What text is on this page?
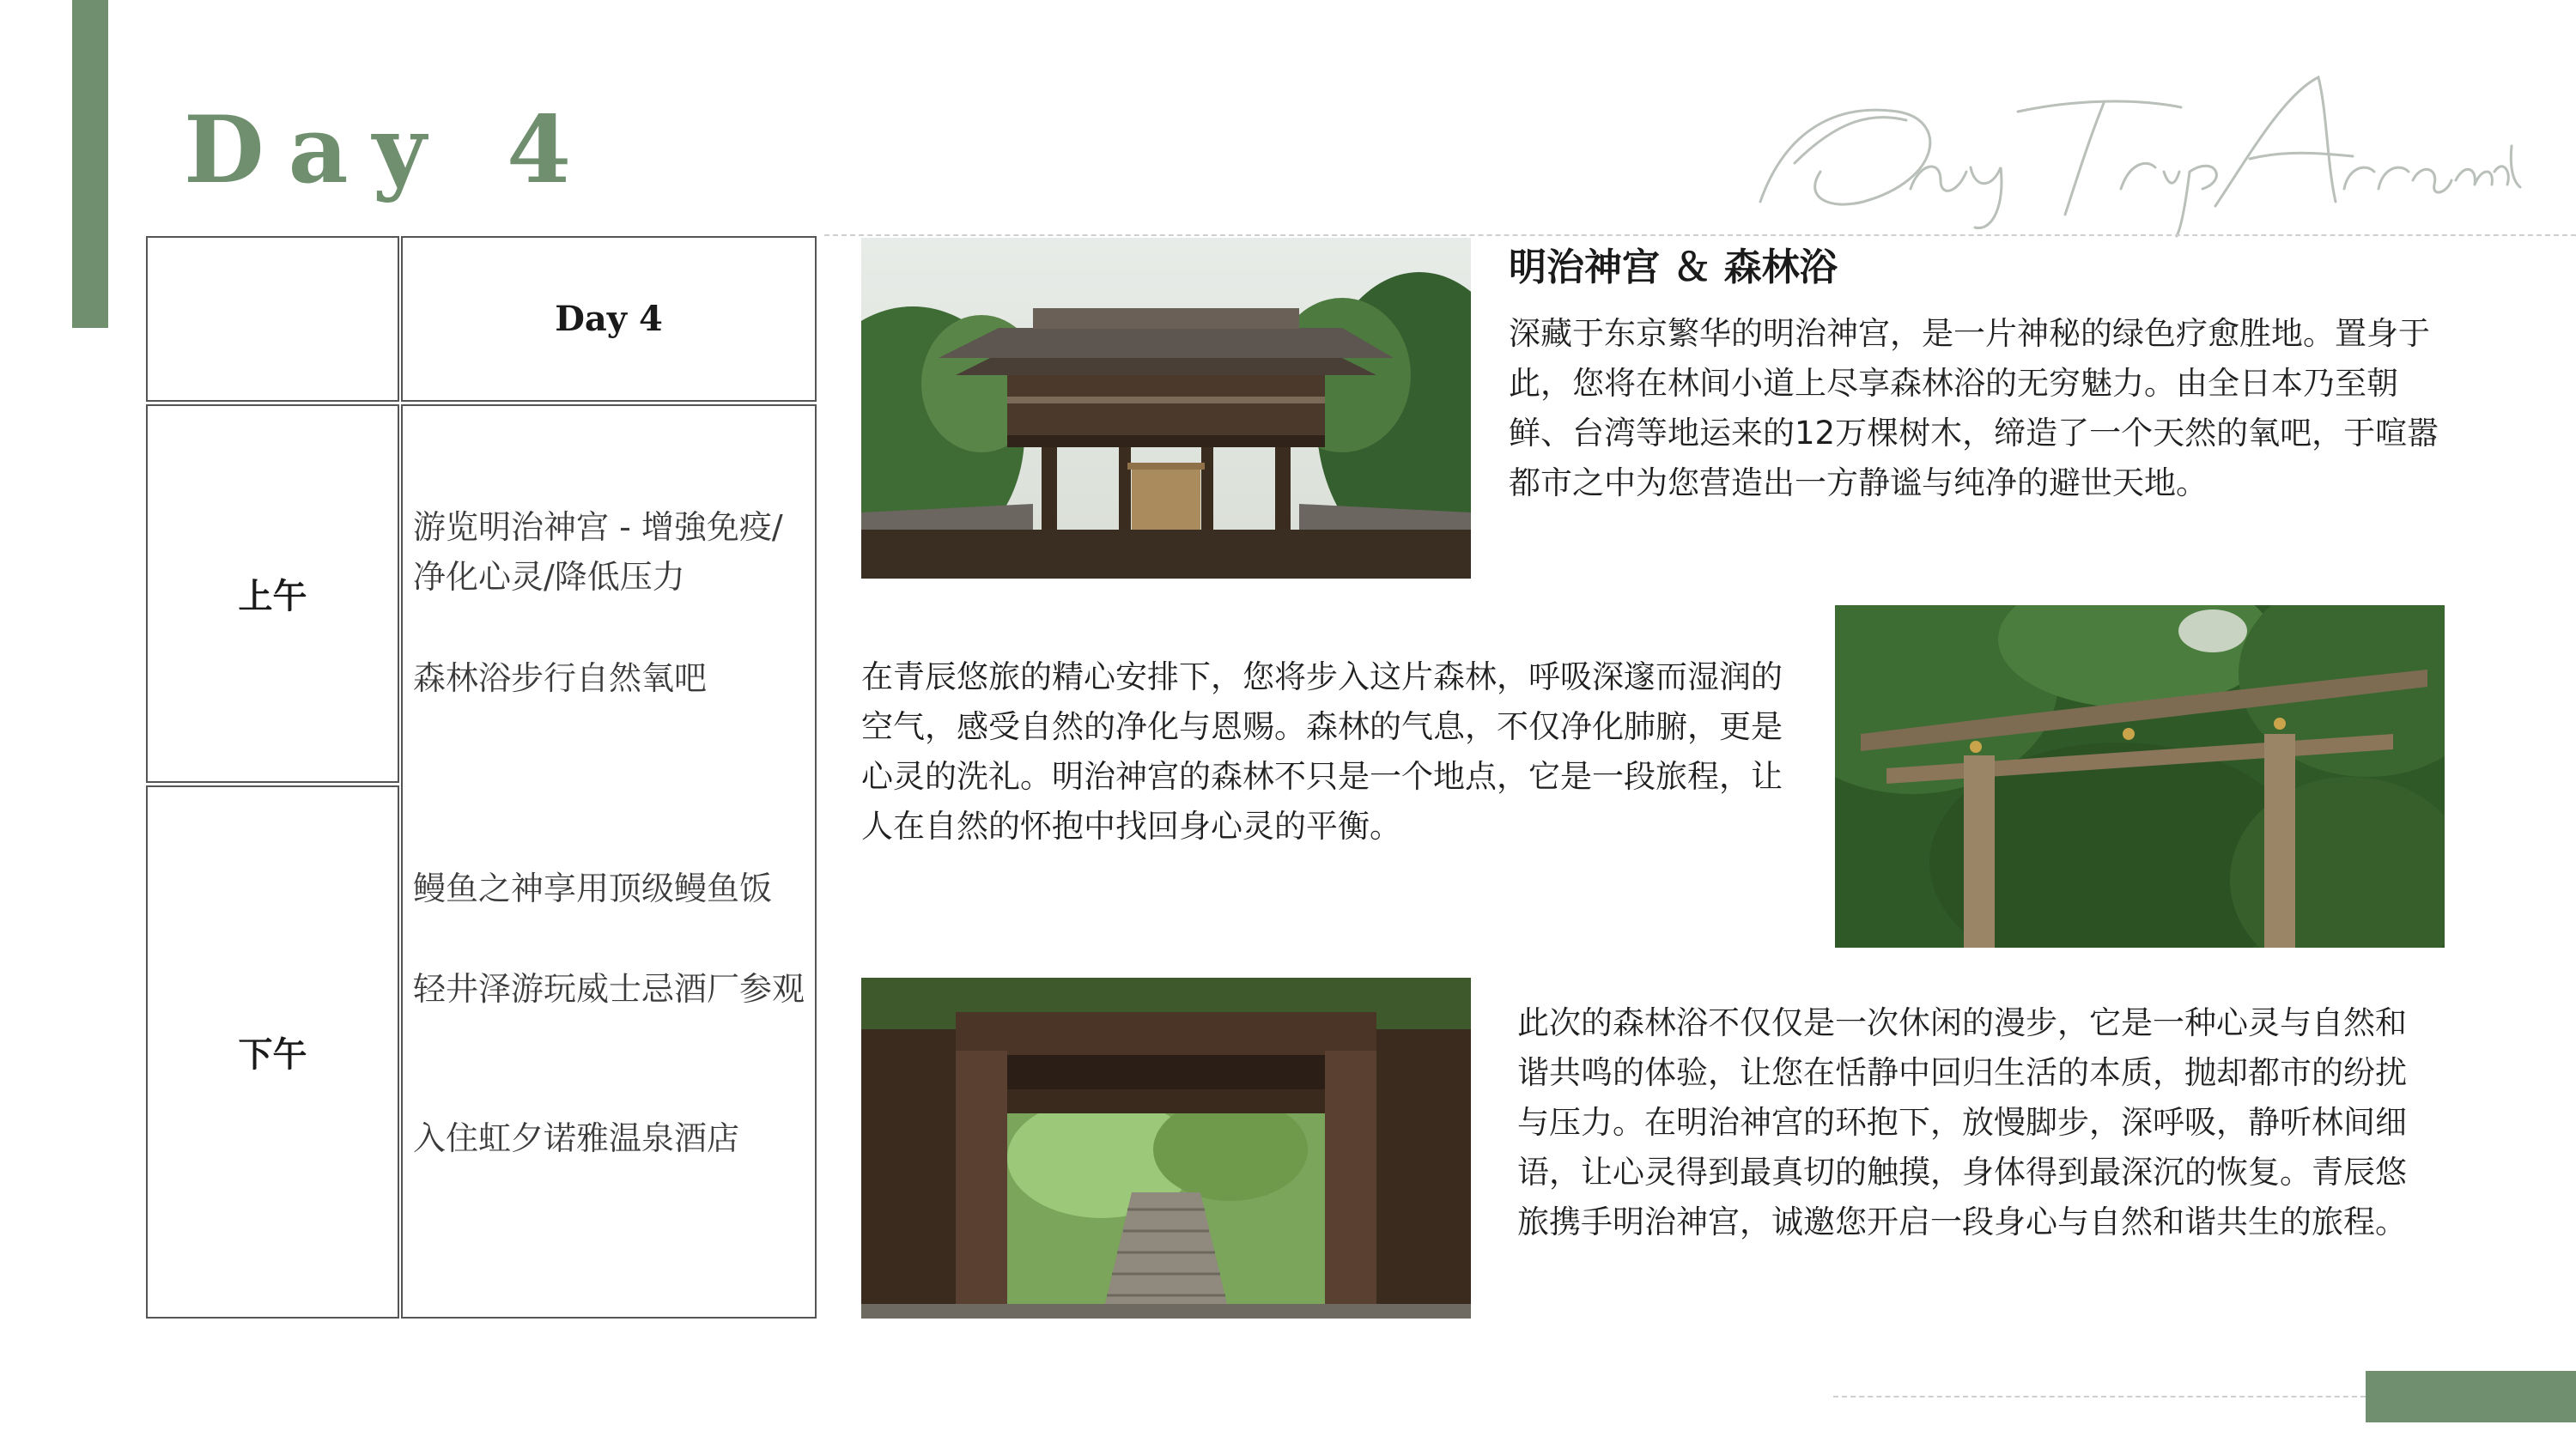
Day 4
Day 4
上午
下午
游览明治神宫 - 增強免疫/净化心灵/降低压力
森林浴步行自然氧吧
鳗鱼之神享用顶级鳗鱼饭
轻井泽游玩威士忌酒厂参观
入住虹夕诺雅温泉酒店
明治神宫 ＆ 森林浴
深藏于东京繁华的明治神宫，是一片神秘的绿色疗愈胜地。置身于此，您将在林间小道上尽享森林浴的无穷魅力。由全日本乃至朝鲜、台湾等地运来的12万棵树木，缔造了一个天然的氧吧，于喧嚣都市之中为您营造出一方静谧与纯净的避世天地。
在青辰悠旅的精心安排下，您将步入这片森林，呼吸深邃而湿润的空气，感受自然的净化与恩赐。森林的气息，不仅净化肺腑，更是心灵的洗礼。明治神宫的森林不只是一个地点，它是一段旅程，让人在自然的怀抱中找回身心灵的平衡。
此次的森林浴不仅仅是一次休闲的漫步，它是一种心灵与自然和谐共鸣的体验，让您在恬静中回归生活的本质，抛却都市的纷扰与压力。在明治神宫的环抱下，放慢脚步，深呼吸，静听林间细语，让心灵得到最真切的触摸，身体得到最深沉的恢复。青辰悠旅携手明治神宫，诚邀您开启一段身心与自然和谐共生的旅程。
